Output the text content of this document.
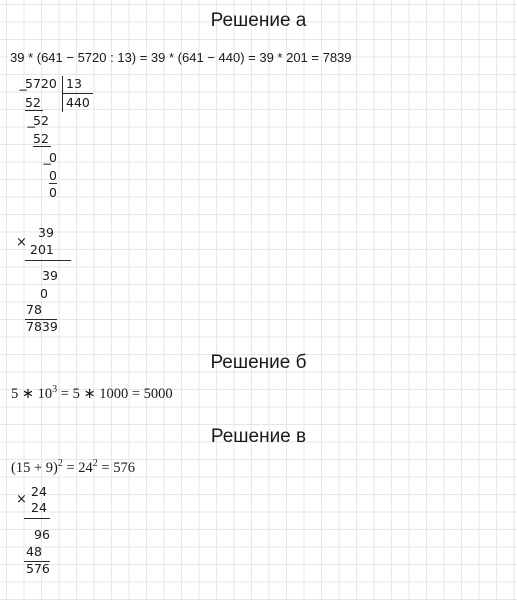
Решение а
39 * (641 − 5720 : 13) = 39 * (641 − 440) = 39 * 201 = 7839
−
5720 13
440
52
−
52
52
−
0
0
0
×
39
201
39
0
78
7839
Решение б
5 ∗ $10^3 = 5$ ∗ 1000 = 5000
Решение в
$(15 + 9)^2 = 24^2 = 576$
×
24
24
96
48
576
